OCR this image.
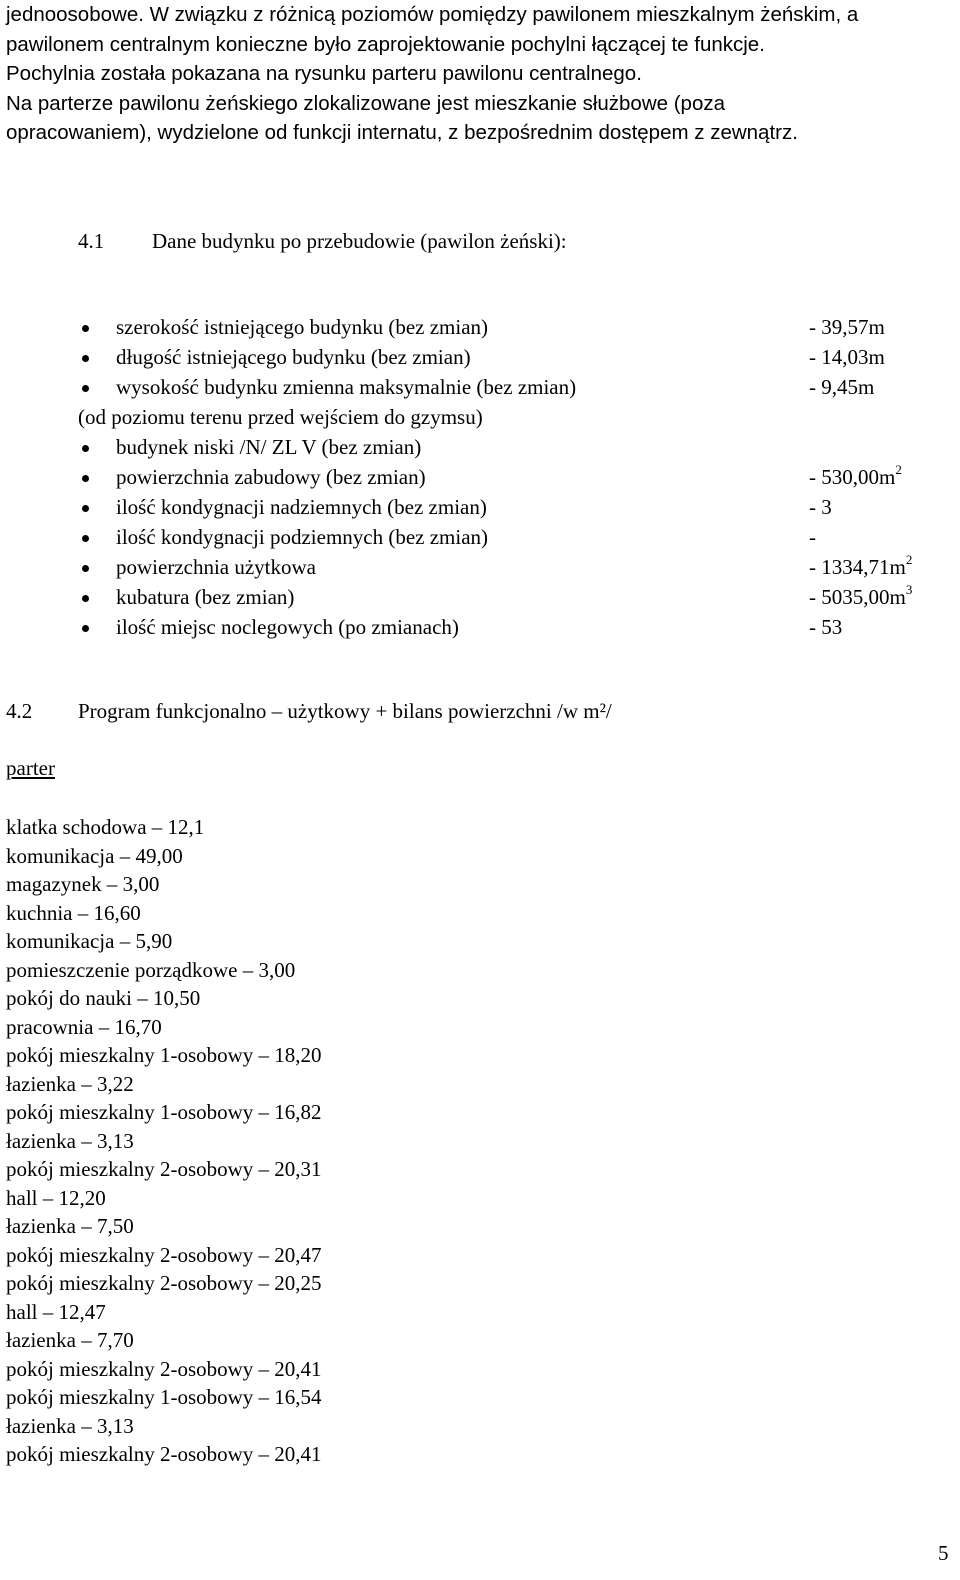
jednoosobowe. W związku z różnicą poziomów pomiędzy pawilonem mieszkalnym żeńskim, a

pawilonem centralnym konieczne było zaprojektowanie pochylni łączącej te funkcje.

Pochylnia została pokazana na rysunku parteru pawilonu centralnego.

Na parterze pawilonu żeńskiego zlokalizowane jest mieszkanie służbowe (poza

opracowaniem), wydzielone od funkcji internatu, z bezpośrednim dostępem z zewnątrz.

4.1 Dane budynku po przebudowie (pawilon żeński):
szerokość istniejącego budynku (bez zmian)	- 39,57m
długość istniejącego budynku (bez zmian)	- 14,03m
wysokość budynku zmienna maksymalnie (bez zmian)	- 9,45m
(od poziomu terenu przed wejściem do gzymsu)
budynek niski /N/ ZL V (bez zmian)
powierzchnia zabudowy (bez zmian)	- $530,00m^2$
ilość kondygnacji nadziemnych (bez zmian)	- 3
ilość kondygnacji podziemnych (bez zmian)	-
powierzchnia użytkowa	- $1334,71m^2$
kubatura (bez zmian)	- $5035,00m^3$
ilość miejsc noclegowych (po zmianach)	- 53
4.2 Program funkcjonalno – użytkowy + bilans powierzchni /w m²/
parter
klatka schodowa – 12,1
komunikacja – 49,00
magazynek – 3,00
kuchnia – 16,60
komunikacja – 5,90
pomieszczenie porządkowe – 3,00
pokój do nauki – 10,50
pracownia – 16,70
pokój mieszkalny 1-osobowy – 18,20
łazienka – 3,22
pokój mieszkalny 1-osobowy – 16,82
łazienka – 3,13
pokój mieszkalny 2-osobowy – 20,31
hall – 12,20
łazienka – 7,50
pokój mieszkalny 2-osobowy – 20,47
pokój mieszkalny 2-osobowy – 20,25
hall – 12,47
łazienka – 7,70
pokój mieszkalny 2-osobowy – 20,41
pokój mieszkalny 1-osobowy – 16,54
łazienka – 3,13
pokój mieszkalny 2-osobowy – 20,41
5
